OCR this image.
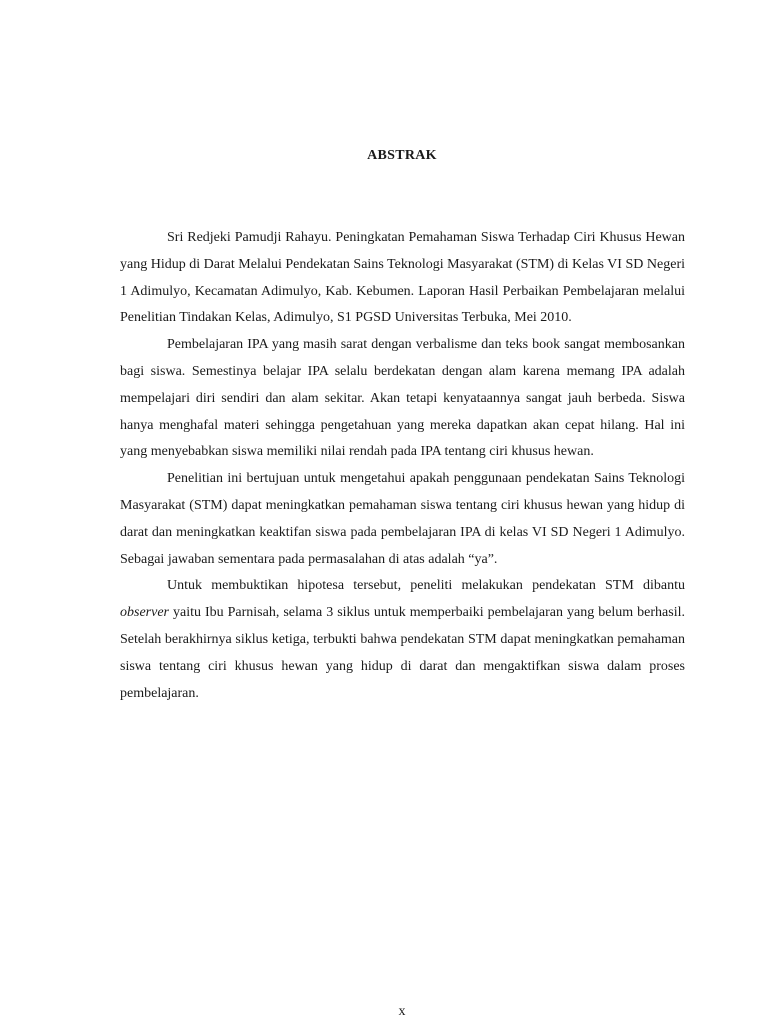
ABSTRAK

Sri Redjeki Pamudji Rahayu. Peningkatan Pemahaman Siswa Terhadap Ciri Khusus Hewan yang Hidup di Darat Melalui Pendekatan Sains Teknologi Masyarakat (STM) di Kelas VI SD Negeri 1 Adimulyo, Kecamatan Adimulyo, Kab. Kebumen. Laporan Hasil Perbaikan Pembelajaran melalui Penelitian Tindakan Kelas, Adimulyo, S1 PGSD Universitas Terbuka, Mei 2010.

Pembelajaran IPA yang masih sarat dengan verbalisme dan teks book sangat membosankan bagi siswa. Semestinya belajar IPA selalu berdekatan dengan alam karena memang IPA adalah mempelajari diri sendiri dan alam sekitar. Akan tetapi kenyataannya sangat jauh berbeda. Siswa hanya menghafal materi sehingga pengetahuan yang mereka dapatkan akan cepat hilang. Hal ini yang menyebabkan siswa memiliki nilai rendah pada IPA tentang ciri khusus hewan.

Penelitian ini bertujuan untuk mengetahui apakah penggunaan pendekatan Sains Teknologi Masyarakat (STM) dapat meningkatkan pemahaman siswa tentang ciri khusus hewan yang hidup di darat dan meningkatkan keaktifan siswa pada pembelajaran IPA di kelas VI SD Negeri 1 Adimulyo. Sebagai jawaban sementara pada permasalahan di atas adalah “ya”.

Untuk membuktikan hipotesa tersebut, peneliti melakukan pendekatan STM dibantu observer yaitu Ibu Parnisah, selama 3 siklus untuk memperbaiki pembelajaran yang belum berhasil. Setelah berakhirnya siklus ketiga, terbukti bahwa pendekatan STM dapat meningkatkan pemahaman siswa tentang ciri khusus hewan yang hidup di darat dan mengaktifkan siswa dalam proses pembelajaran.

x
